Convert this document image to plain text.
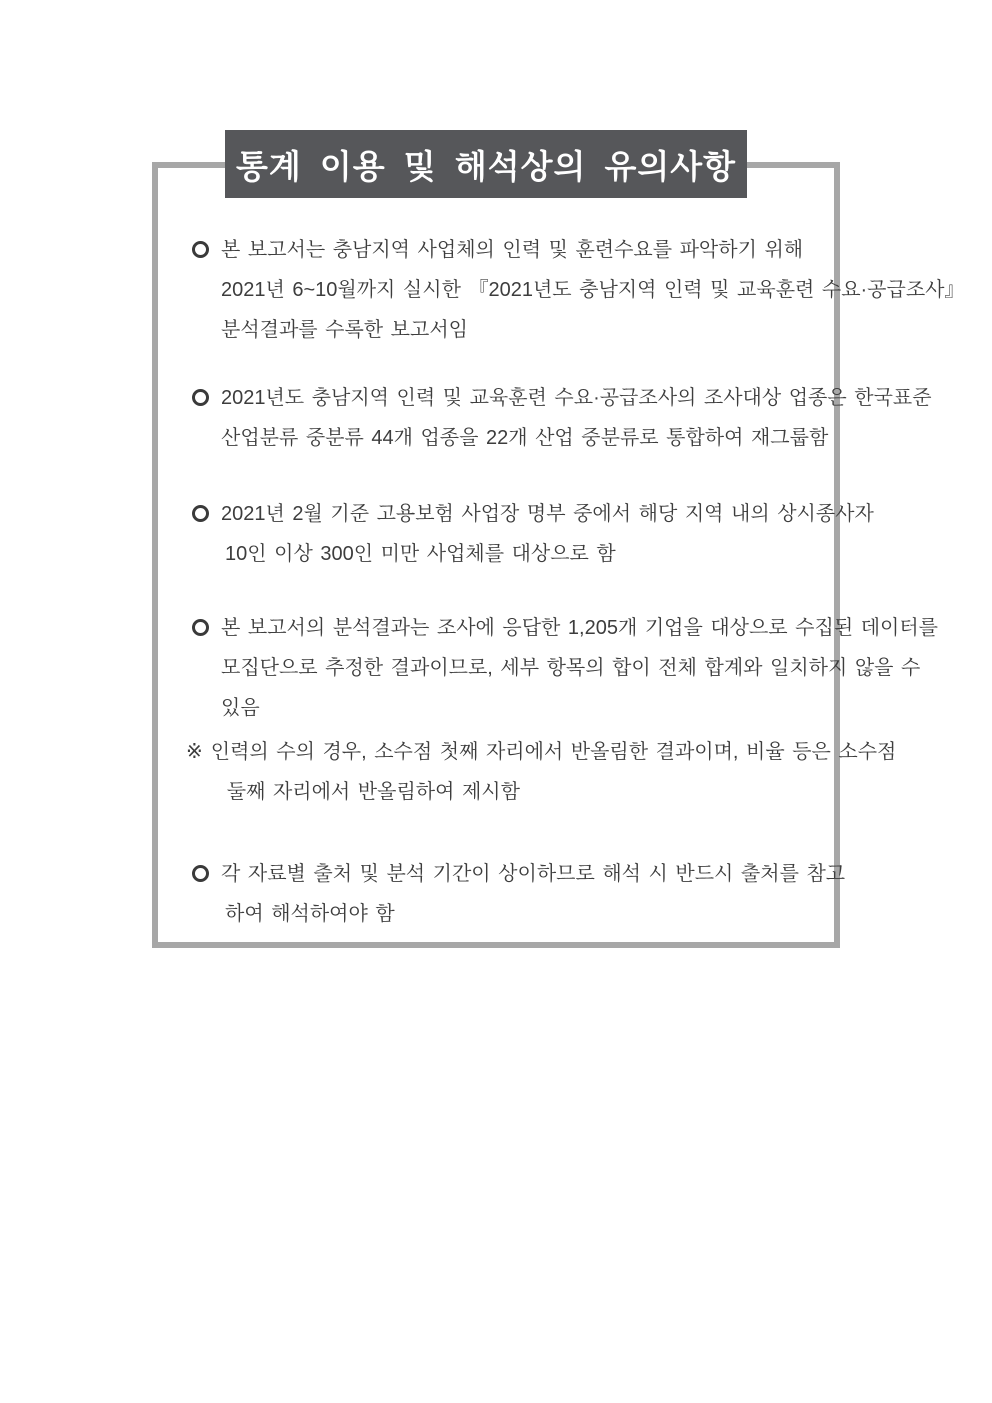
통계 이용 및 해석상의 유의사항
본 보고서는 충남지역 사업체의 인력 및 훈련수요를 파악하기 위해
2021년 6~10월까지 실시한 『2021년도 충남지역 인력 및 교육훈련 수요·공급조사』
분석결과를 수록한 보고서임
2021년도 충남지역 인력 및 교육훈련 수요·공급조사의 조사대상 업종은 한국표준
산업분류 중분류 44개 업종을 22개 산업 중분류로 통합하여 재그룹함
2021년 2월 기준 고용보험 사업장 명부 중에서 해당 지역 내의 상시종사자
10인 이상 300인 미만 사업체를 대상으로 함
본 보고서의 분석결과는 조사에 응답한 1,205개 기업을 대상으로 수집된 데이터를
모집단으로 추정한 결과이므로, 세부 항목의 합이 전체 합계와 일치하지 않을 수
있음
※ 인력의 수의 경우, 소수점 첫째 자리에서 반올림한 결과이며, 비율 등은 소수점
둘째 자리에서 반올림하여 제시함
각 자료별 출처 및 분석 기간이 상이하므로 해석 시 반드시 출처를 참고
하여 해석하여야 함
